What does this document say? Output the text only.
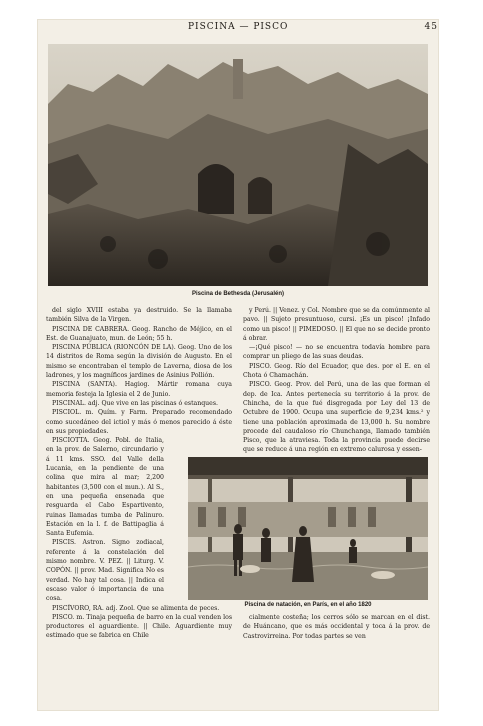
PISCINA — PISCO	45
Piscina de Bethesda (Jerusalén)

del siglo XVIII estaba ya destruido. Se la llamaba también Silva de la Virgen.

PISCINA DE CABRERA. Geog. Rancho de Méjico, en el Est. de Guanajuato, mun. de León; 55 h.

PISCINA PÚBLICA (RIONCÓN DE LA). Geog. Uno de los 14 distritos de Roma según la división de Augusto. En el mismo se encontraban el templo de Laverna, diosa de los ladrones, y los magníficos jardines de Asinius Pollión.

PISCINA (SANTA). Hagiog. Mártir romana cuya memoria festeja la Iglesia el 2 de Junio.

PISCINAL. adj. Que vive en las piscinas ó estanques.

PISCIOL. m. Quím. y Farm. Preparado recomendado como sucedáneo del ictiol y más ó menos parecido á éste en sus propiedades.

PISCIOTTA. Geog. Pobl. de Italia, en la prov. de Salerno, circundario y á 11 kms. SSO. del Valle della Lucania, en la pendiente de una colina que mira al mar; 2,200 habitantes (3,500 con el mun.). Al S., en una pequeña ensenada que resguarda el Cabo Espartivento, ruinas llamadas tumba de Palinuro. Estación en la l. f. de Battipaglia á Santa Eufemia.

PISCIS. Astron. Signo zodiacal, referente á la constelación del mismo nombre. V. PEZ. || Liturg. V. COPÓN. || prov. Mad. Significa No es verdad. No hay tal cosa. || Indica el escaso valor ó importancia de una cosa.

PISCÍVORO, RA. adj. Zool. Que se alimenta de peces.

PISCO. m. Tinaja pequeña de barro en la cual venden los productores el aguardiente. || Chile. Aguardiente muy estimado que se fabrica en Chile

y Perú. || Venez. y Col. Nombre que se da comúnmente al pavo. || Sujeto presuntuoso, cursi. ¡Es un pisco! ¡Infado como un pisco! || PIMEDOSO. || El que no se decide pronto á obrar.

—¡Qué pisco! — no se encuentra todavía hombre para comprar un pliego de las suas deudas.

PISCO. Geog. Río del Ecuador, que des. por el E. en el Chota ó Chamachán.

PISCO. Geog. Prov. del Perú, una de las que forman el dep. de Ica. Antes pertenecía su territorio á la prov. de Chincha, de la que fué disgregada por Ley del 13 de Octubre de 1900. Ocupa una superficie de 9,234 kms.² y tiene una población aproximada de 13,000 h. Su nombre procede del caudaloso río Chunchanga, llamado también Pisco, que la atraviesa. Toda la provincia puede decirse que se reduce á una región en extremo calurosa y essen-

Piscina de natación, en París, en el año 1820

cialmente costeña; los cerros sólo se marcan en el dist. de Huáncano, que es más occidental y toca á la prov. de Castrovirreina. Por todas partes se ven
